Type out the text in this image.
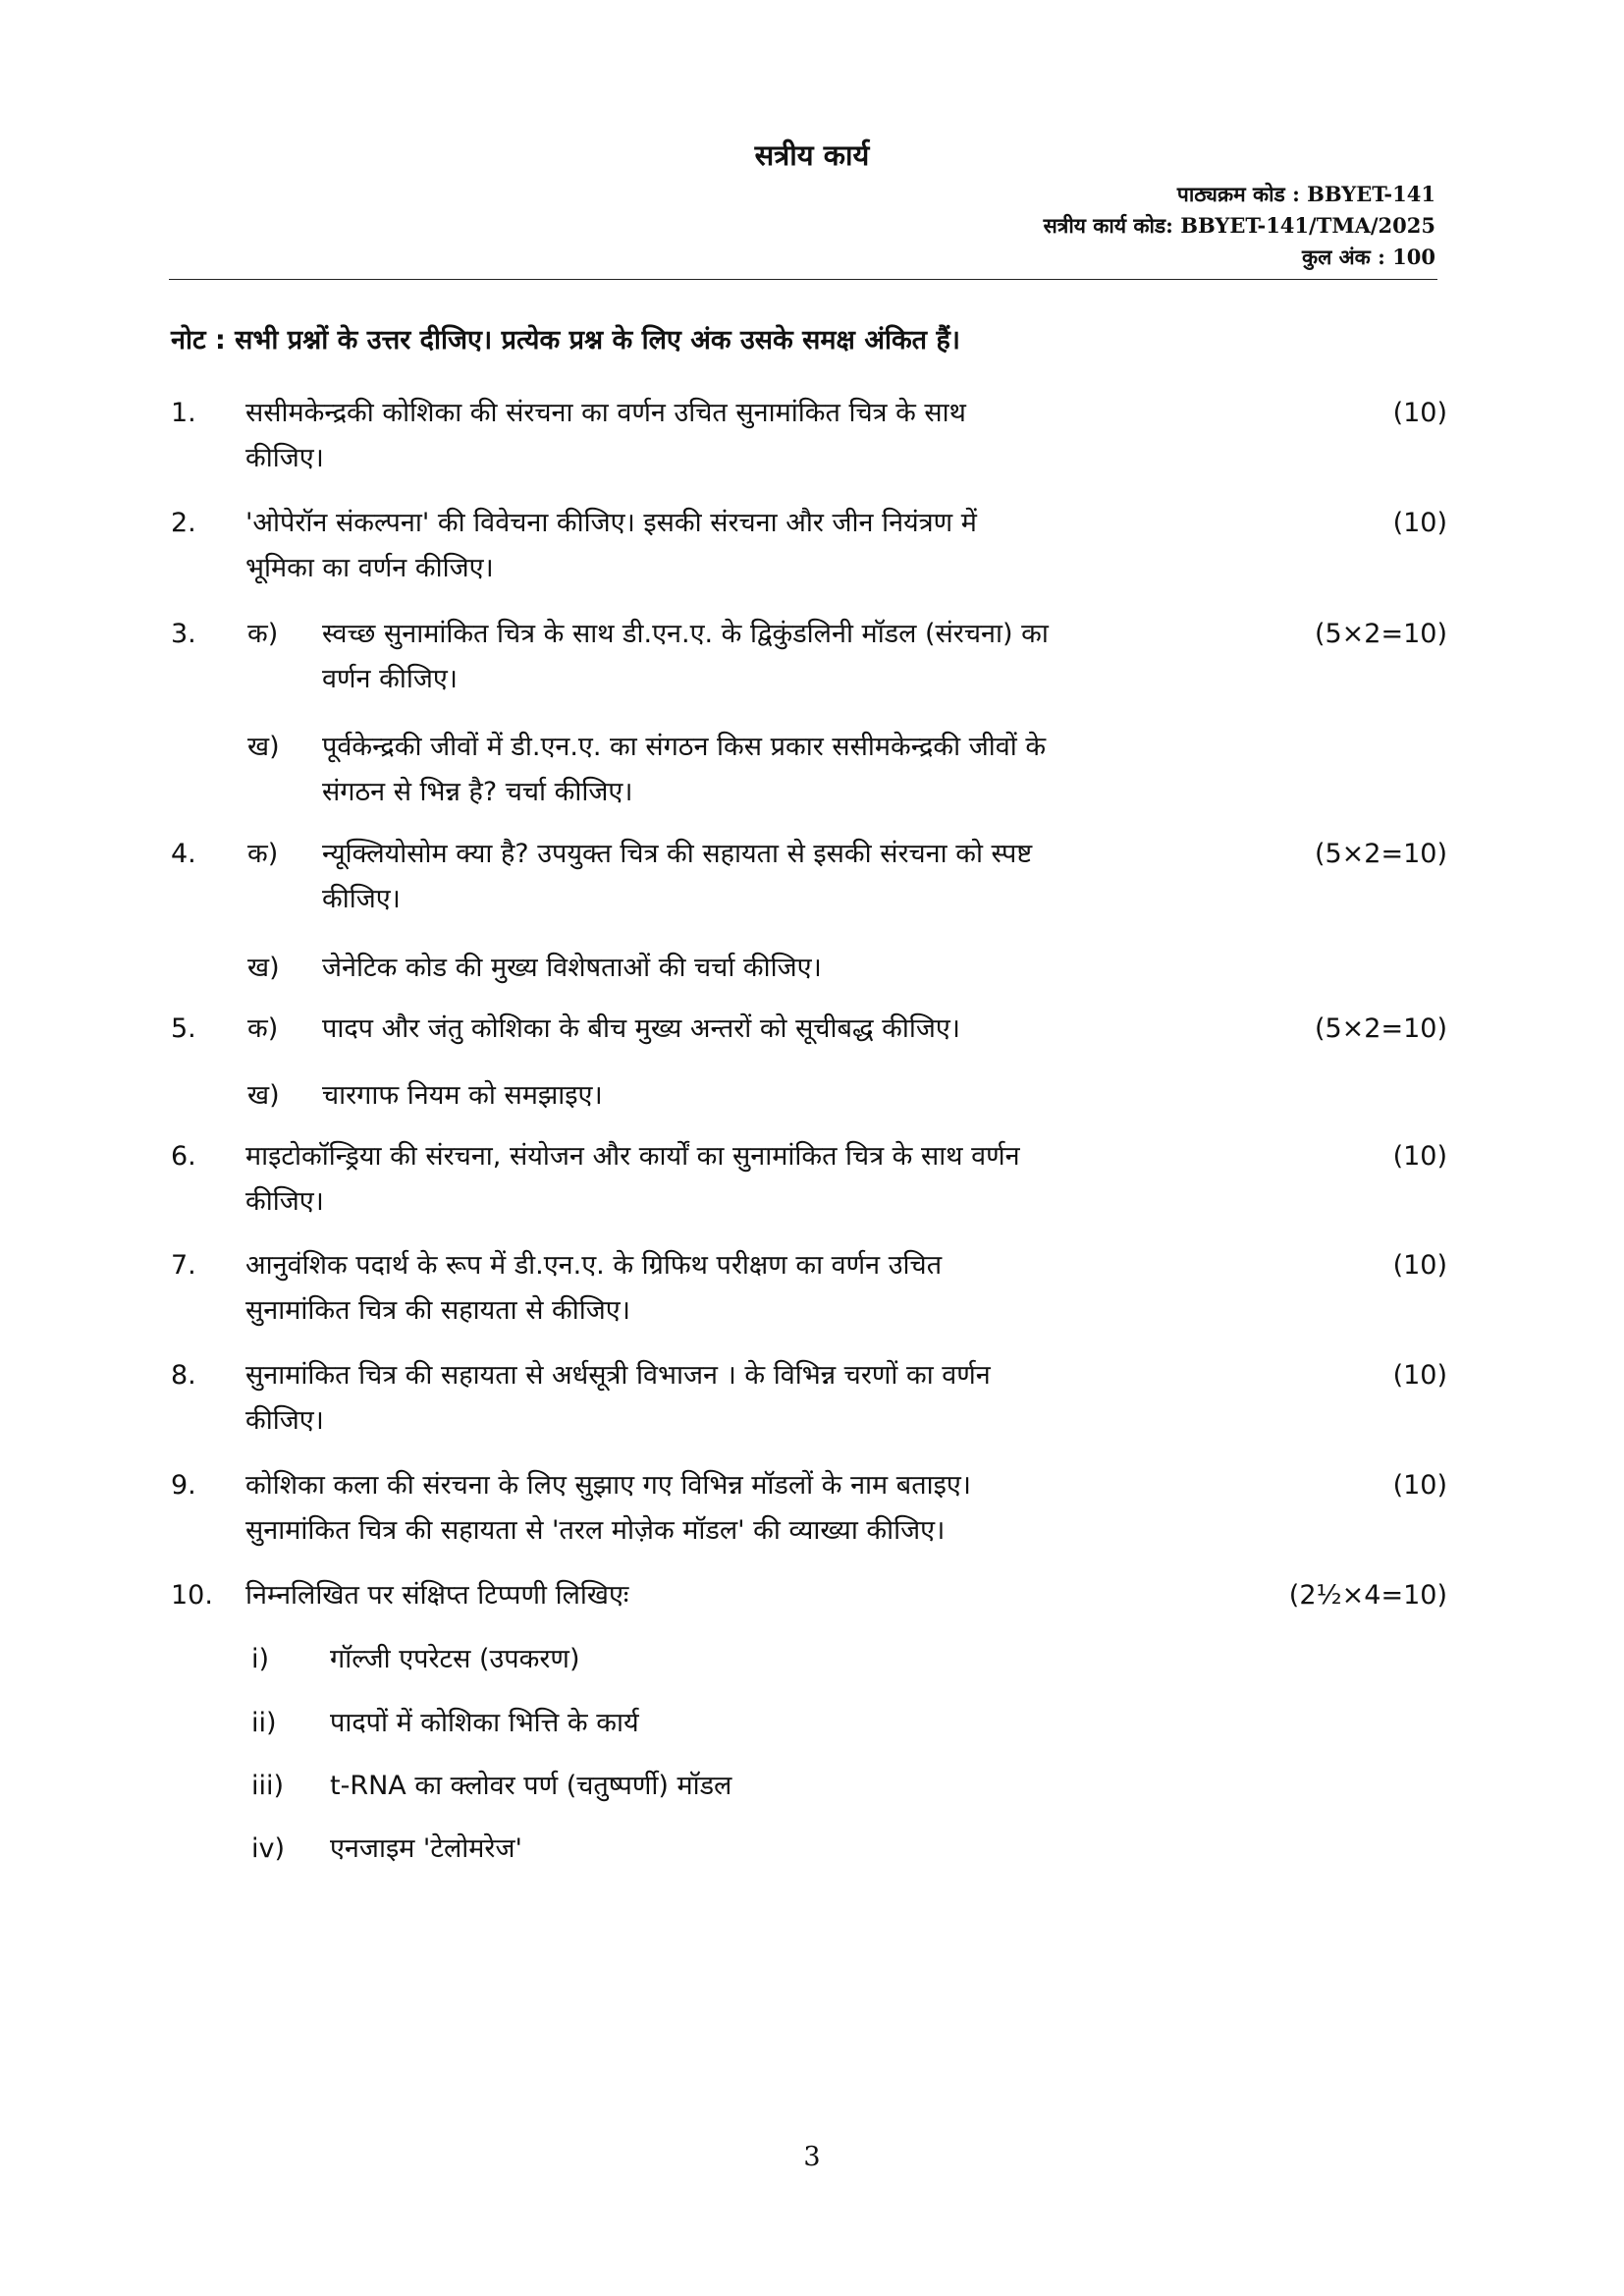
सत्रीय कार्य
पाठ्यक्रम कोड : BBYET-141
सत्रीय कार्य कोड: BBYET-141/TMA/2025
कुल अंक : 100
नोट : सभी प्रश्नों के उत्तर दीजिए। प्रत्येक प्रश्न के लिए अंक उसके समक्ष अंकित हैं।
1. ससीमकेन्द्रकी कोशिका की संरचना का वर्णन उचित सुनामांकित चित्र के साथ
कीजिए।
(10)
2. 'ओपेरॉन संकल्पना' की विवेचना कीजिए। इसकी संरचना और जीन नियंत्रण में
भूमिका का वर्णन कीजिए।
(10)
3. क) स्वच्छ सुनामांकित चित्र के साथ डी.एन.ए. के द्विकुंडलिनी मॉडल (संरचना) का
वर्णन कीजिए।
ख) पूर्वकेन्द्रकी जीवों में डी.एन.ए. का संगठन किस प्रकार ससीमकेन्द्रकी जीवों के
संगठन से भिन्न है? चर्चा कीजिए।
(5×2=10)
4. क) न्यूक्लियोसोम क्या है? उपयुक्त चित्र की सहायता से इसकी संरचना को स्पष्ट
कीजिए।
ख) जेनेटिक कोड की मुख्य विशेषताओं की चर्चा कीजिए।
(5×2=10)
5. क) पादप और जंतु कोशिका के बीच मुख्य अन्तरों को सूचीबद्ध कीजिए।
ख) चारगाफ नियम को समझाइए।
(5×2=10)
6. माइटोकॉन्ड्रिया की संरचना, संयोजन और कार्यों का सुनामांकित चित्र के साथ वर्णन
कीजिए।
(10)
7. आनुवंशिक पदार्थ के रूप में डी.एन.ए. के ग्रिफिथ परीक्षण का वर्णन उचित
सुनामांकित चित्र की सहायता से कीजिए।
(10)
8. सुनामांकित चित्र की सहायता से अर्धसूत्री विभाजन । के विभिन्न चरणों का वर्णन
कीजिए।
(10)
9. कोशिका कला की संरचना के लिए सुझाए गए विभिन्न मॉडलों के नाम बताइए।
सुनामांकित चित्र की सहायता से 'तरल मोज़ेक मॉडल' की व्याख्या कीजिए।
(10)
10. निम्नलिखित पर संक्षिप्त टिप्पणी लिखिएः	(2½×4=10)
i) गॉल्जी एपरेटस (उपकरण)
ii) पादपों में कोशिका भित्ति के कार्य
iii) t-RNA का क्लोवर पर्ण (चतुष्पर्णी) मॉडल
iv) एनजाइम 'टेलोमरेज'
3
